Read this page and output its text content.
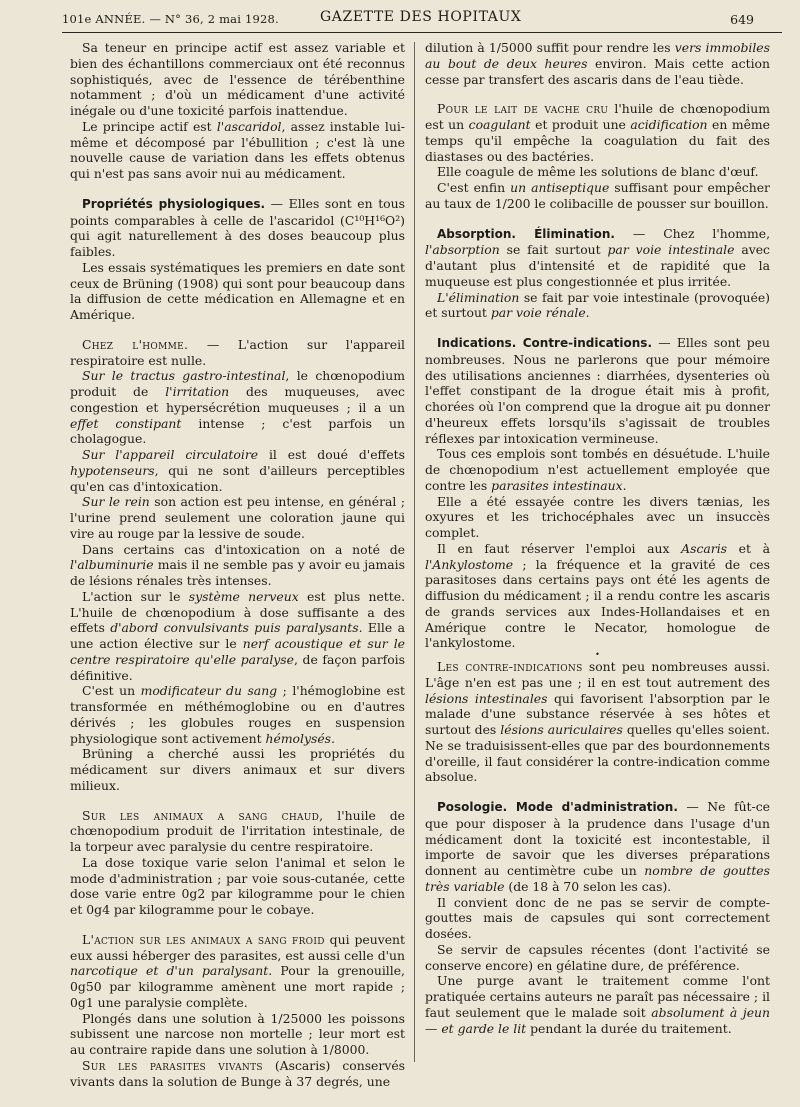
101e ANNÉE. — N° 36, 2 mai 1928.	GAZETTE DES HOPITAUX	649

Sa teneur en principe actif est assez variable et bien des échantillons commerciaux ont été reconnus sophistiqués, avec de l'essence de térébenthine notamment ; d'où un médicament d'une activité inégale ou d'une toxicité parfois inattendue.

Le principe actif est l'ascaridol, assez instable lui-même et décomposé par l'ébullition ; c'est là une nouvelle cause de variation dans les effets obtenus qui n'est pas sans avoir nui au médicament.

Propriétés physiologiques. — Elles sont en tous points comparables à celle de l'ascaridol (C¹⁰H¹⁶O²) qui agit naturellement à des doses beaucoup plus faibles.

Les essais systématiques les premiers en date sont ceux de Brüning (1908) qui sont pour beaucoup dans la diffusion de cette médication en Allemagne et en Amérique.

Chez l'homme. — L'action sur l'appareil respiratoire est nulle.

Sur le tractus gastro-intestinal, le chœnopodium produit de l'irritation des muqueuses, avec congestion et hypersécrétion muqueuses ; il a un effet constipant intense ; c'est parfois un cholagogue.

Sur l'appareil circulatoire il est doué d'effets hypotenseurs, qui ne sont d'ailleurs perceptibles qu'en cas d'intoxication.

Sur le rein son action est peu intense, en général ; l'urine prend seulement une coloration jaune qui vire au rouge par la lessive de soude.

Dans certains cas d'intoxication on a noté de l'albuminurie mais il ne semble pas y avoir eu jamais de lésions rénales très intenses.

L'action sur le système nerveux est plus nette. L'huile de chœnopodium à dose suffisante a des effets d'abord convulsivants puis paralysants. Elle a une action élective sur le nerf acoustique et sur le centre respiratoire qu'elle paralyse, de façon parfois définitive.

C'est un modificateur du sang ; l'hémoglobine est transformée en méthémoglobine ou en d'autres dérivés ; les globules rouges en suspension physiologique sont activement hémolysés.

Brüning a cherché aussi les propriétés du médicament sur divers animaux et sur divers milieux.

Sur les animaux a sang chaud, l'huile de chœnopodium produit de l'irritation intestinale, de la torpeur avec paralysie du centre respiratoire.

La dose toxique varie selon l'animal et selon le mode d'administration ; par voie sous-cutanée, cette dose varie entre 0g2 par kilogramme pour le chien et 0g4 par kilogramme pour le cobaye.

L'action sur les animaux a sang froid qui peuvent eux aussi héberger des parasites, est aussi celle d'un narcotique et d'un paralysant. Pour la grenouille, 0g50 par kilogramme amènent une mort rapide ; 0g1 une paralysie complète.

Plongés dans une solution à 1/25000 les poissons subissent une narcose non mortelle ; leur mort est au contraire rapide dans une solution à 1/8000.

Sur les parasites vivants (Ascaris) conservés vivants dans la solution de Bunge à 37 degrés, une

dilution à 1/5000 suffit pour rendre les vers immobiles au bout de deux heures environ. Mais cette action cesse par transfert des ascaris dans de l'eau tiède.

Pour le lait de vache cru l'huile de chœnopodium est un coagulant et produit une acidification en même temps qu'il empêche la coagulation du fait des diastases ou des bactéries.

Elle coagule de même les solutions de blanc d'œuf.

C'est enfin un antiseptique suffisant pour empêcher au taux de 1/200 le colibacille de pousser sur bouillon.

Absorption. Élimination. — Chez l'homme, l'absorption se fait surtout par voie intestinale avec d'autant plus d'intensité et de rapidité que la muqueuse est plus congestionnée et plus irritée.

L'élimination se fait par voie intestinale (provoquée) et surtout par voie rénale.

Indications. Contre-indications. — Elles sont peu nombreuses. Nous ne parlerons que pour mémoire des utilisations anciennes : diarrhées, dysenteries où l'effet constipant de la drogue était mis à profit, chorées où l'on comprend que la drogue ait pu donner d'heureux effets lorsqu'ils s'agissait de troubles réflexes par intoxication vermineuse.

Tous ces emplois sont tombés en désuétude. L'huile de chœnopodium n'est actuellement employée que contre les parasites intestinaux.

Elle a été essayée contre les divers tænias, les oxyures et les trichocéphales avec un insuccès complet.

Il en faut réserver l'emploi aux Ascaris et à l'Ankylostome ; la fréquence et la gravité de ces parasitoses dans certains pays ont été les agents de diffusion du médicament ; il a rendu contre les ascaris de grands services aux Indes-Hollandaises et en Amérique contre le Necator, homologue de l'ankylostome.

•

Les contre-indications sont peu nombreuses aussi. L'âge n'en est pas une ; il en est tout autrement des lésions intestinales qui favorisent l'absorption par le malade d'une substance réservée à ses hôtes et surtout des lésions auriculaires quelles qu'elles soient. Ne se traduisissent-elles que par des bourdonnements d'oreille, il faut considérer la contre-indication comme absolue.

Posologie. Mode d'administration. — Ne fût-ce que pour disposer à la prudence dans l'usage d'un médicament dont la toxicité est incontestable, il importe de savoir que les diverses préparations donnent au centimètre cube un nombre de gouttes très variable (de 18 à 70 selon les cas).

Il convient donc de ne pas se servir de compte-gouttes mais de capsules qui sont correctement dosées.

Se servir de capsules récentes (dont l'activité se conserve encore) en gélatine dure, de préférence.

Une purge avant le traitement comme l'ont pratiquée certains auteurs ne paraît pas nécessaire ; il faut seulement que le malade soit absolument à jeun — et garde le lit pendant la durée du traitement.
